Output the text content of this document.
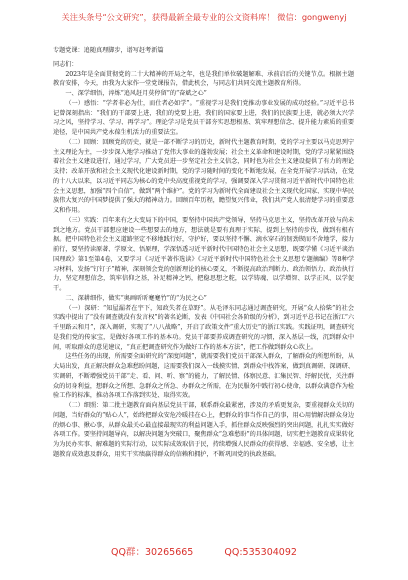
关注头条号“公文研究”，获得最新全最专业的公文资料库！ 微信：gongwenyj

专题党课：追随真理脚步，谱写赶考新篇

同志们：

2023年是全面贯彻党的二十大精神的开局之年，也是我们单位破题解难、承前启后的关键节点。根据主题教育安排，今天，由我为大家作一堂党课报告，借此机会，与同志们共同交流主题教育所得。

一、深学细悟，淬炼“追风赶月莫停留”的“奋斌之心”

（一）感悟：“学者非必为仕，而仕者必如学”。“重视学习是我们党推动事业发展的成功经验。”习近平总书记曾深刻指出：“我们的干部要上进，我们的党要上进，我们的国家要上进，我们的民族要上进，就必须大兴学习之风，坚持学习、学习、再学习”。理论学习是党员干部夯实思想根基、筑牢理想信念、提升能力素质的重要途径，是中国共产党永葆生机活力的重要法宝。

（二）回顾：回顾党的历史，就是一部不断学习的历史，新时代主题教育时期，党的学习主要以马克思列宁主义理论为主，一步步深入地学习推动了党伟大事业的蓬勃发展；社会主义革命和建设时期，党的学习紧紧围绕着社会主义建设进行，通过学习，广大党员进一步坚定社会主义信念，同时也为社会主义建设提供了有力的理论支持；改革开放和社会主义现代化建设新时期，党的学习随时间的变化不断地发展，在全党开展学习活动，在党的十八大以来，以习近平同志为核心的党中央高度重视党的学习，强调要深入学习贯彻习近平新时代中国特色社会主义思想，加强“四个自信”，做到“两个维护”。党的学习为新时代全面建设社会主义现代化国家、实现中华民族伟大复兴的中国梦提供了强大的精神动力。回顾百年历程，瞻望复兴伟业，我们共产党人很清楚学习的重要意义和作用。

（三）实践：百年来有之大变局下的中国，要坚持中国共产党领导，坚持马克思主义，坚持改革开放与尚未到之地方。党员干部想应建设一些想要去的地方，想法就是要有真理于实际，提到上坚持的步伐，做到有根有据。把中国特色社会主义道路坚定不移地践行好，守护好，要以坚持不懈、滴水穿石的韧劲锲而不舍地学，接力前行，要坚持读原著、学原文、悟原理，学深悟透习近平新时代中国特色社会主义思想，既要学懂《习近平谈治国理政》第1至第4卷，又要学习《习近平著作选读》《习近平新时代中国特色社会主义思想专题摘编》等8种学习材料，发扬“钉钉子”精神，深刻领会党的创新理论的核心要义，不断提高政治判断力、政治领悟力、政治执行力，坚定理想信念，筑牢信仰之基，补足精神之钙，把稳思想之舵，以学铸魂、以学增智、以学正风、以学促干。

二、深耕细作，做实“奥画昕昕蹇蹇竹”的“为民之心”

（一）深研：“知屋漏者在宇下，知政失者在草野”。从毛泽东同志通过调查研究，开展“众人拾柴”的社会实践中提出了“没有调查就没有发言权”的著名论断，发表《中国社会各阶级的分析》，到习近平总书记在浙江“六千里路云和月”，深入调研，实现了“八八战略”，开启了政策文件“重大历史”的浙江实践。实践证明，调查研究是我们党的传家宝，是做好各项工作的基本功。党员干部要养成调查研究的习惯，深入基层一线，沉到群众中间，听取群众的意见建议，“真正把调查研究作为做好工作的基本方法”，把工作做到群众心坎上。

这些任务的出现，所需要全面研究的“深度问题”，就需要我们党员干部深入群众，了解群众的所想所盼，从大局出发，真正解决群众急难愁盼问题，这需要我们深入一线摸实情、到群众中找答案，做到真调研、深调研、实调研，不断增强党员干部“走、看、问、听、察”的能力，了解民情、体察民意、汇集民智、纾解民忧，关注群众的切身利益，想群众之所想、急群众之所急、办群众之所需，在为民服务中践行初心使命，以群众满意作为检验工作的标准，推动各项工作落到实处、取得实效。

（二）细照：第二批主题教育面向基层党员干部，联系群众最紧密，涉及的矛盾更复杂，要重视群众关切的问题，当好群众的“贴心人”，始终把群众安危冷暖挂在心上，把群众的事当作自己的事，用心用情解决群众身边的烦心事、揪心事，从群众最关心最直接最现实的利益问题入手，抓住群众反映强烈的突出问题，扎扎实实做好各项工作。要坚持问题导向，以解决问题为突破口，聚焦群众“急难愁盼”的具体问题，切实把主题教育成果转化为为民办实事、解难题的实际行动，以实际成效取信于民，持续增强人民群众的获得感、幸福感、安全感，让主题教育成效惠及群众，用实干实绩赢得群众的信赖和拥护，不断巩固党的执政基础。

QQ群：30265665	QQ:535304092
